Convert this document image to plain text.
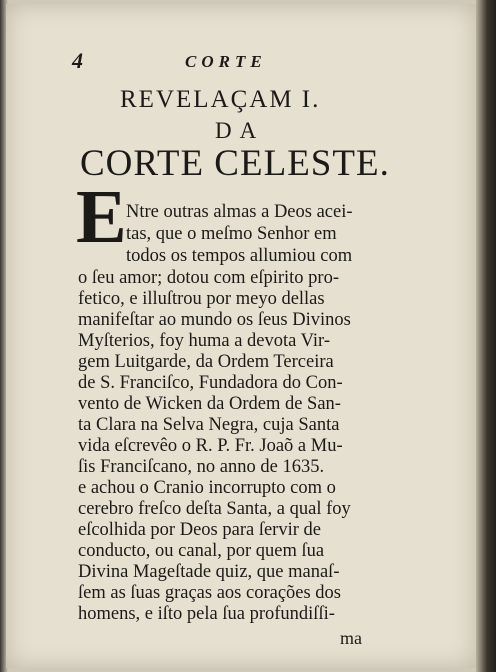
4	CORTE
REVELAÇAM I.
DA
CORTE CELESTE.
E Ntre outras almas a Deos acei-
tas, que o meſmo Senhor em
todos os tempos allumiou com
o ſeu amor; dotou com eſpirito pro-
fetico, e illuſtrou por meyo dellas
manifeſtar ao mundo os ſeus Divinos
Myſterios, foy huma a devota Vir-
gem Luitgarde, da Ordem Terceira
de S. Franciſco, Fundadora do Con-
vento de Wicken da Ordem de San-
ta Clara na Selva Negra, cuja Santa
vida eſcrevêo o R. P. Fr. Joaõ a Mu-
ſis Franciſcano, no anno de 1635.
e achou o Cranio incorrupto com o
cerebro freſco deſta Santa, a qual foy
eſcolhida por Deos para ſervir de
conducto, ou canal, por quem ſua
Divina Mageſtade quiz, que manaſ-
ſem as ſuas graças aos corações dos
homens, e iſto pela ſua profundiſſi-
ma
